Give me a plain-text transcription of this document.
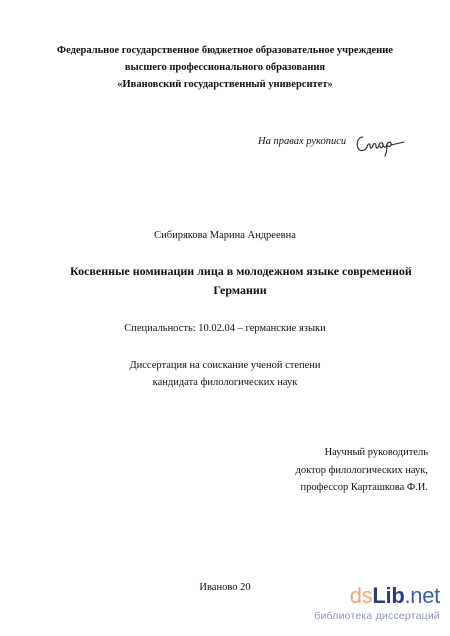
Федеральное государственное бюджетное образовательное учреждение
высшего профессионального образования
«Ивановский государственный университет»
На правах рукописи
Сибирякова Марина Андреевна
Косвенные номинации лица в молодежном языке современной
Германии
Специальность: 10.02.04 – германские языки
Диссертация на соискание ученой степени
кандидата филологических наук
Научный руководитель
доктор филологических наук,
профессор Карташкова Ф.И.
Иваново 20	dsLib.net
библиотека диссертаций
